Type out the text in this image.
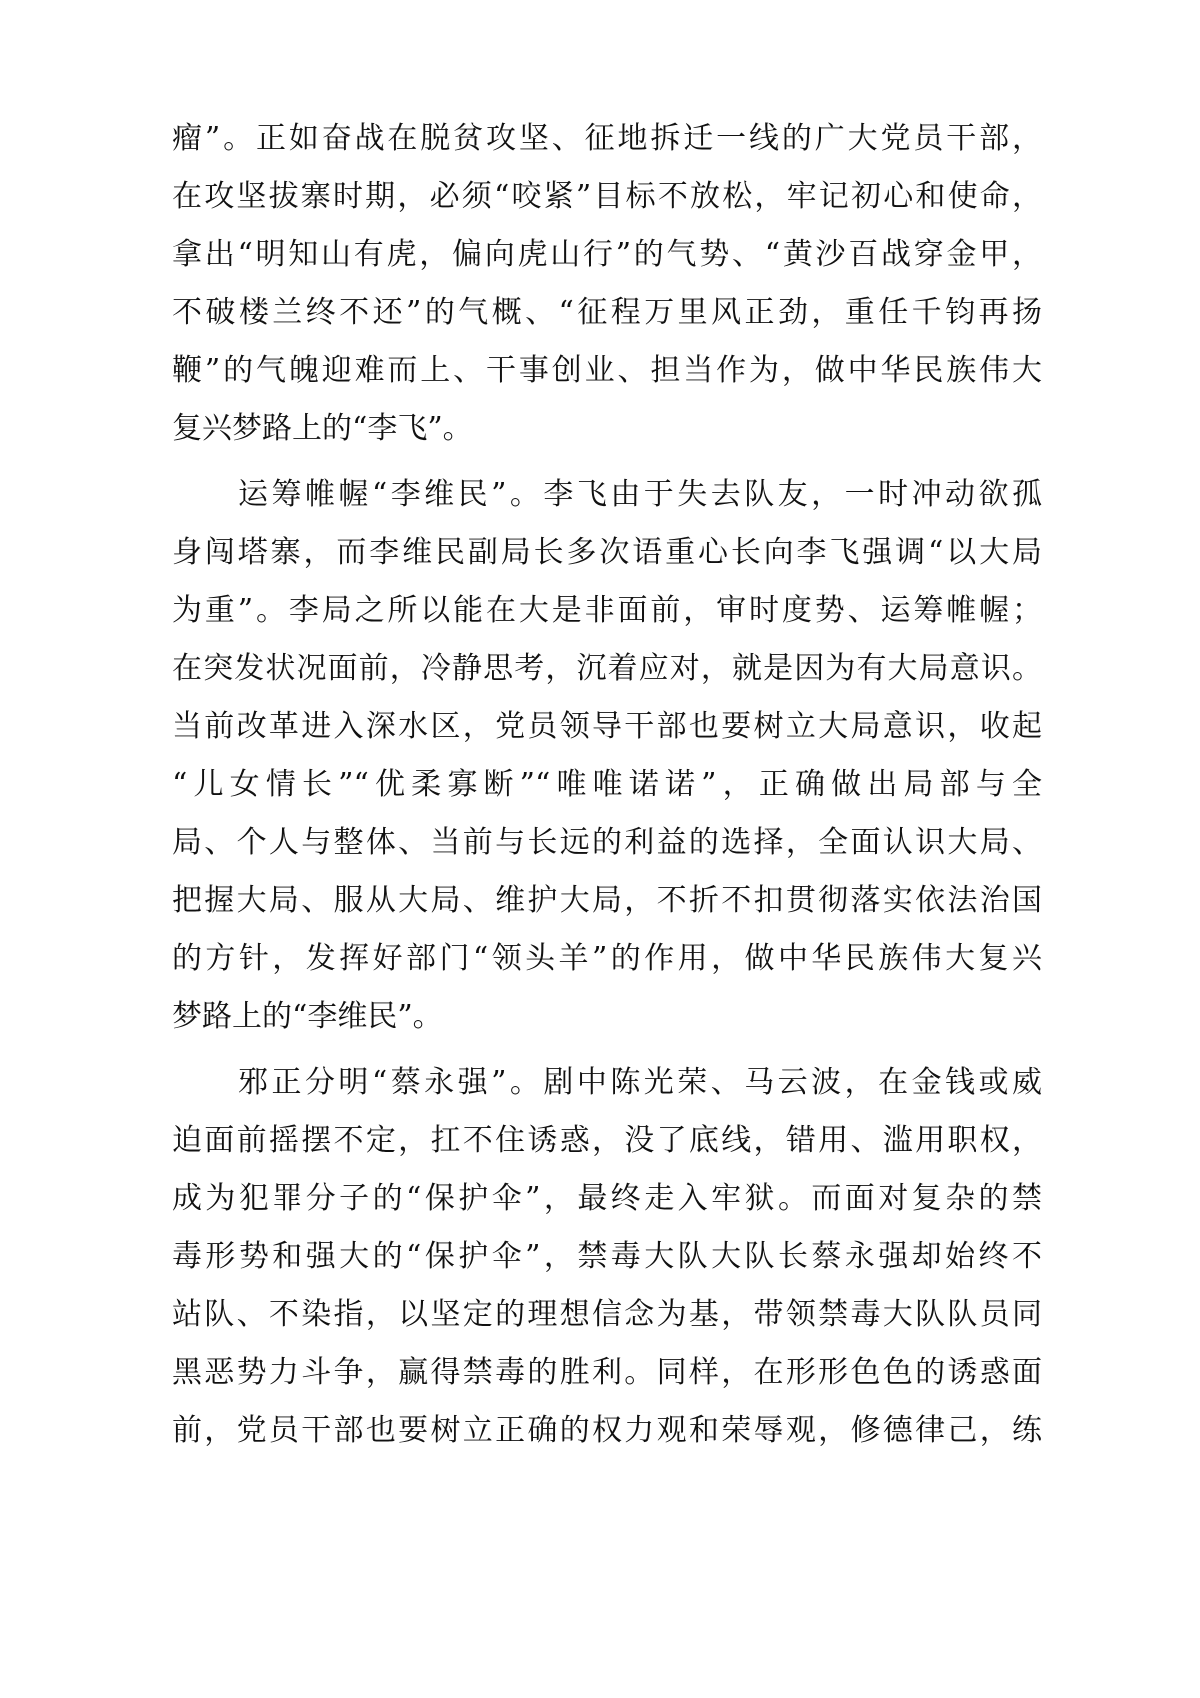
瘤”。正如奋战在脱贫攻坚、征地拆迁一线的广大党员干部，
在攻坚拔寨时期，必须“咬紧”目标不放松，牢记初心和使命，
拿出“明知山有虎，偏向虎山行”的气势、“黄沙百战穿金甲，
不破楼兰终不还”的气概、“征程万里风正劲，重任千钧再扬
鞭”的气魄迎难而上、干事创业、担当作为，做中华民族伟大
复兴梦路上的“李飞”。
运筹帷幄“李维民”。李飞由于失去队友，一时冲动欲孤
身闯塔寨，而李维民副局长多次语重心长向李飞强调“以大局
为重”。李局之所以能在大是非面前，审时度势、运筹帷幄；
在突发状况面前，冷静思考，沉着应对，就是因为有大局意识。
当前改革进入深水区，党员领导干部也要树立大局意识，收起
“儿女情长”“优柔寡断”“唯唯诺诺”，正确做出局部与全
局、个人与整体、当前与长远的利益的选择，全面认识大局、
把握大局、服从大局、维护大局，不折不扣贯彻落实依法治国
的方针，发挥好部门“领头羊”的作用，做中华民族伟大复兴
梦路上的“李维民”。
邪正分明“蔡永强”。剧中陈光荣、马云波，在金钱或威
迫面前摇摆不定，扛不住诱惑，没了底线，错用、滥用职权，
成为犯罪分子的“保护伞”，最终走入牢狱。而面对复杂的禁
毒形势和强大的“保护伞”，禁毒大队大队长蔡永强却始终不
站队、不染指，以坚定的理想信念为基，带领禁毒大队队员同
黑恶势力斗争，赢得禁毒的胜利。同样，在形形色色的诱惑面
前，党员干部也要树立正确的权力观和荣辱观，修德律己，练
